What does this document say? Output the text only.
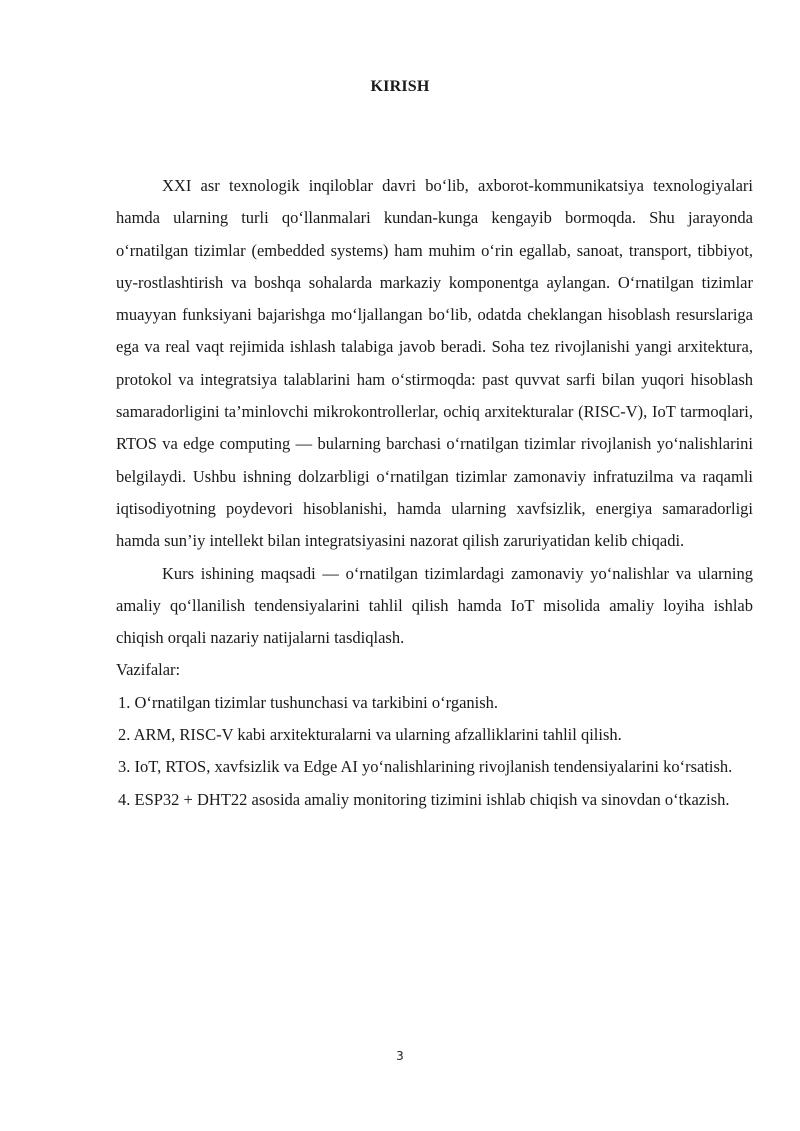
KIRISH

XXI asr texnologik inqiloblar davri bo‘lib, axborot-kommunikatsiya texnologiyalari hamda ularning turli qo‘llanmalari kundan-kunga kengayib bormoqda. Shu jarayonda o‘rnatilgan tizimlar (embedded systems) ham muhim o‘rin egallab, sanoat, transport, tibbiyot, uy-rostlashtirish va boshqa sohalarda markaziy komponentga aylangan. O‘rnatilgan tizimlar muayyan funksiyani bajarishga mo‘ljallangan bo‘lib, odatda cheklangan hisoblash resurslariga ega va real vaqt rejimida ishlash talabiga javob beradi. Soha tez rivojlanishi yangi arxitektura, protokol va integratsiya talablarini ham o‘stirmoqda: past quvvat sarfi bilan yuqori hisoblash samaradorligini ta’minlovchi mikrokontrollerlar, ochiq arxitekturalar (RISC-V), IoT tarmoqlari, RTOS va edge computing — bularning barchasi o‘rnatilgan tizimlar rivojlanish yo‘nalishlarini belgilaydi. Ushbu ishning dolzarbligi o‘rnatilgan tizimlar zamonaviy infratuzilma va raqamli iqtisodiyotning poydevori hisoblanishi, hamda ularning xavfsizlik, energiya samaradorligi hamda sun’iy intellekt bilan integratsiyasini nazorat qilish zaruriyatidan kelib chiqadi.

Kurs ishining maqsadi — o‘rnatilgan tizimlardagi zamonaviy yo‘nalishlar va ularning amaliy qo‘llanilish tendensiyalarini tahlil qilish hamda IoT misolida amaliy loyiha ishlab chiqish orqali nazariy natijalarni tasdiqlash.

Vazifalar:

1. O‘rnatilgan tizimlar tushunchasi va tarkibini o‘rganish.

2. ARM, RISC-V kabi arxitekturalarni va ularning afzalliklarini tahlil qilish.

3. IoT, RTOS, xavfsizlik va Edge AI yo‘nalishlarining rivojlanish tendensiyalarini ko‘rsatish.

4. ESP32 + DHT22 asosida amaliy monitoring tizimini ishlab chiqish va sinovdan o‘tkazish.

3
